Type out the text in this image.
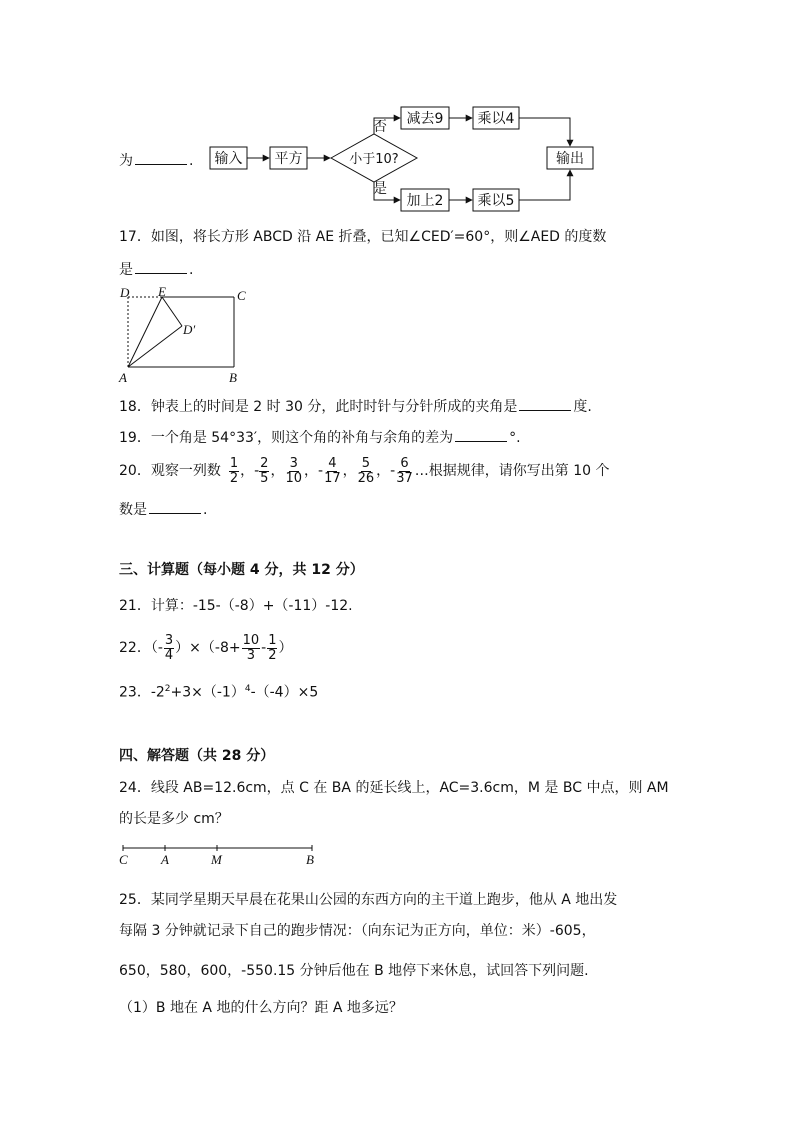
为	. 输入 平方	小于10?
否
是
减去9 乘以4
加上2 乘以5
输出
17．如图，将长方形 ABCD 沿 AE 折叠，已知∠CED′=60°，则∠AED 的度数
是	.
D E	C
D′
A	B
18．钟表上的时间是 2 时 30 分，此时时针与分针所成的夹角是	度.
19．一个角是 54°33′，则这个角的补角与余角的差为	°.
20．观察一列数 $\frac{1}{2}$ ， - $\frac{2}{5}$ ， $\frac{3}{10}$ ， - $\frac{4}{17}$ ， $\frac{5}{26}$ ， - $\frac{6}{37}$ …根据规律，请你写出第 10 个
数是	.
三、计算题（每小题 4 分，共 12 分）
21．计算：-15-（-8）+（-11）-12.
22．（- $\frac{3}{4} )\times(-8+ \frac{10}{3} - \frac{1}{2}$ ）
23．$-2^2+3\times(-1)^4-(-4)\times 5$
四、解答题（共 28 分）
24．线段 AB=12.6cm，点 C 在 BA 的延长线上，AC=3.6cm，M 是 BC 中点，则 AM
的长是多少 cm？
C	A	M	B
25．某同学星期天早晨在花果山公园的东西方向的主干道上跑步，他从 A 地出发
每隔 3 分钟就记录下自己的跑步情况：（向东记为正方向，单位：米）-605，
650，580，600，-550.15 分钟后他在 B 地停下来休息，试回答下列问题.
（1）B 地在 A 地的什么方向？距 A 地多远？
